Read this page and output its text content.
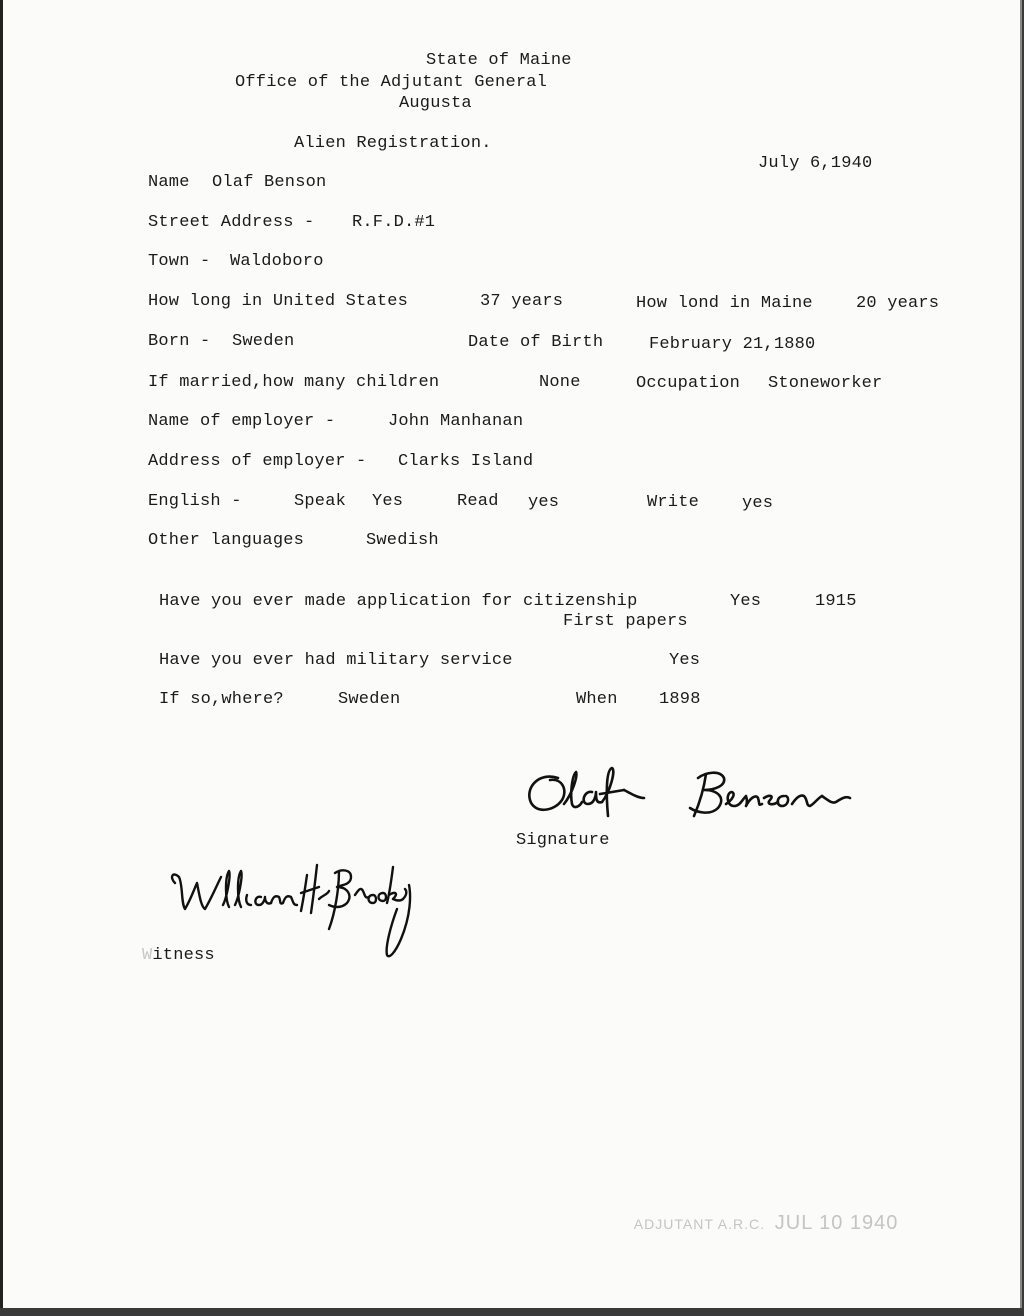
State of Maine
Office of the Adjutant General
Augusta
Alien Registration.
July 6,1940
Name Olaf Benson
Street Address - R.F.D.#1
Town - Waldoboro
How long in United States	37 years	How lond in Maine	20 years
Born - Sweden	Date of Birth	February 21,1880
If married,how many children	None	Occupation Stoneworker
Name of employer -	John Manhanan
Address of employer - Clarks Island
English -	Speak Yes	Read yes	Write	yes
Other languages	Swedish
Have you ever made application for citizenship	Yes	1915
First papers
Have you ever had military service	Yes
If so,where?	Sweden	When 1898
Signature
Witness

ADJUTANT A.R.C. JUL 10 1940
